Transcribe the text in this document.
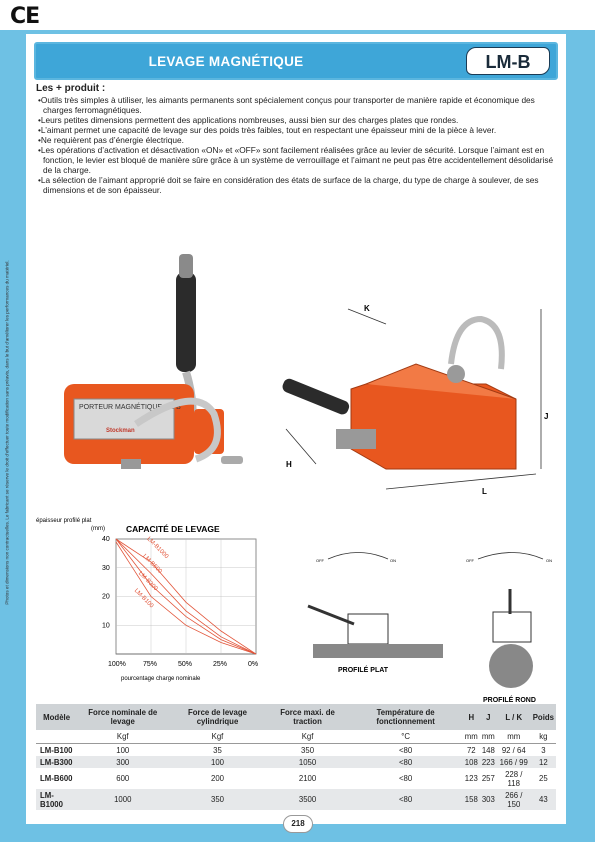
CE
Photos et dimensions non contractuelles. Le fabricant se réserve le droit d'effectuer toute modification sans préavis, dans le but d'améliorer les performances du matériel.
LEVAGE MAGNÉTIQUE	LM-B
Les + produit :
• Outils très simples à utiliser, les aimants permanents sont spécialement conçus pour transporter de manière rapide et économique des charges ferromagnétiques.
• Leurs petites dimensions permettent des applications nombreuses, aussi bien sur des charges plates que rondes.
• L’aimant permet une capacité de levage sur des poids très faibles, tout en respectant une épaisseur mini de la pièce à lever.
• Ne requièrent pas d’énergie électrique.
• Les opérations d’activation et désactivation «ON» et «OFF» sont facilement réalisées grâce au levier de sécurité. Lorsque l’aimant est en fonction, le levier est bloqué de manière sûre grâce à un système de verrouillage et l’aimant ne peut pas être accidentellement désolidarisé de la charge.
• La sélection de l’aimant approprié doit se faire en considération des états de surface de la charge, du type de charge à soulever, de ses dimensions et de son épaisseur.
PORTEUR MAGNÉTIQUE LM-B
Stockman
K
H
J
L
épaisseur profilé plat
(mm) CAPACITÉ DE LEVAGE
10
20
30
40
100% 75%	50%	25%	0%
LM-B100
LM-B300
LM-B600
LM-B1000
pourcentage charge nominale
OFF	ON
PROFILÉ PLAT
OFF	ON
PROFILÉ ROND
Modèle	Force nominale de levage	Force de levage cylindrique	Force maxi. de traction	Température de fonctionnement	H	J	L / K	Poids
	Kgf	Kgf	Kgf	°C	mm	mm	mm	kg
LM-B100	100	35	350	<80	72	148	92 / 64	3
LM-B300	300	100	1050	<80	108	223	166 / 99	12
LM-B600	600	200	2100	<80	123	257	228 / 118	25
LM-B1000	1000	350	3500	<80	158	303	266 / 150	43
218
